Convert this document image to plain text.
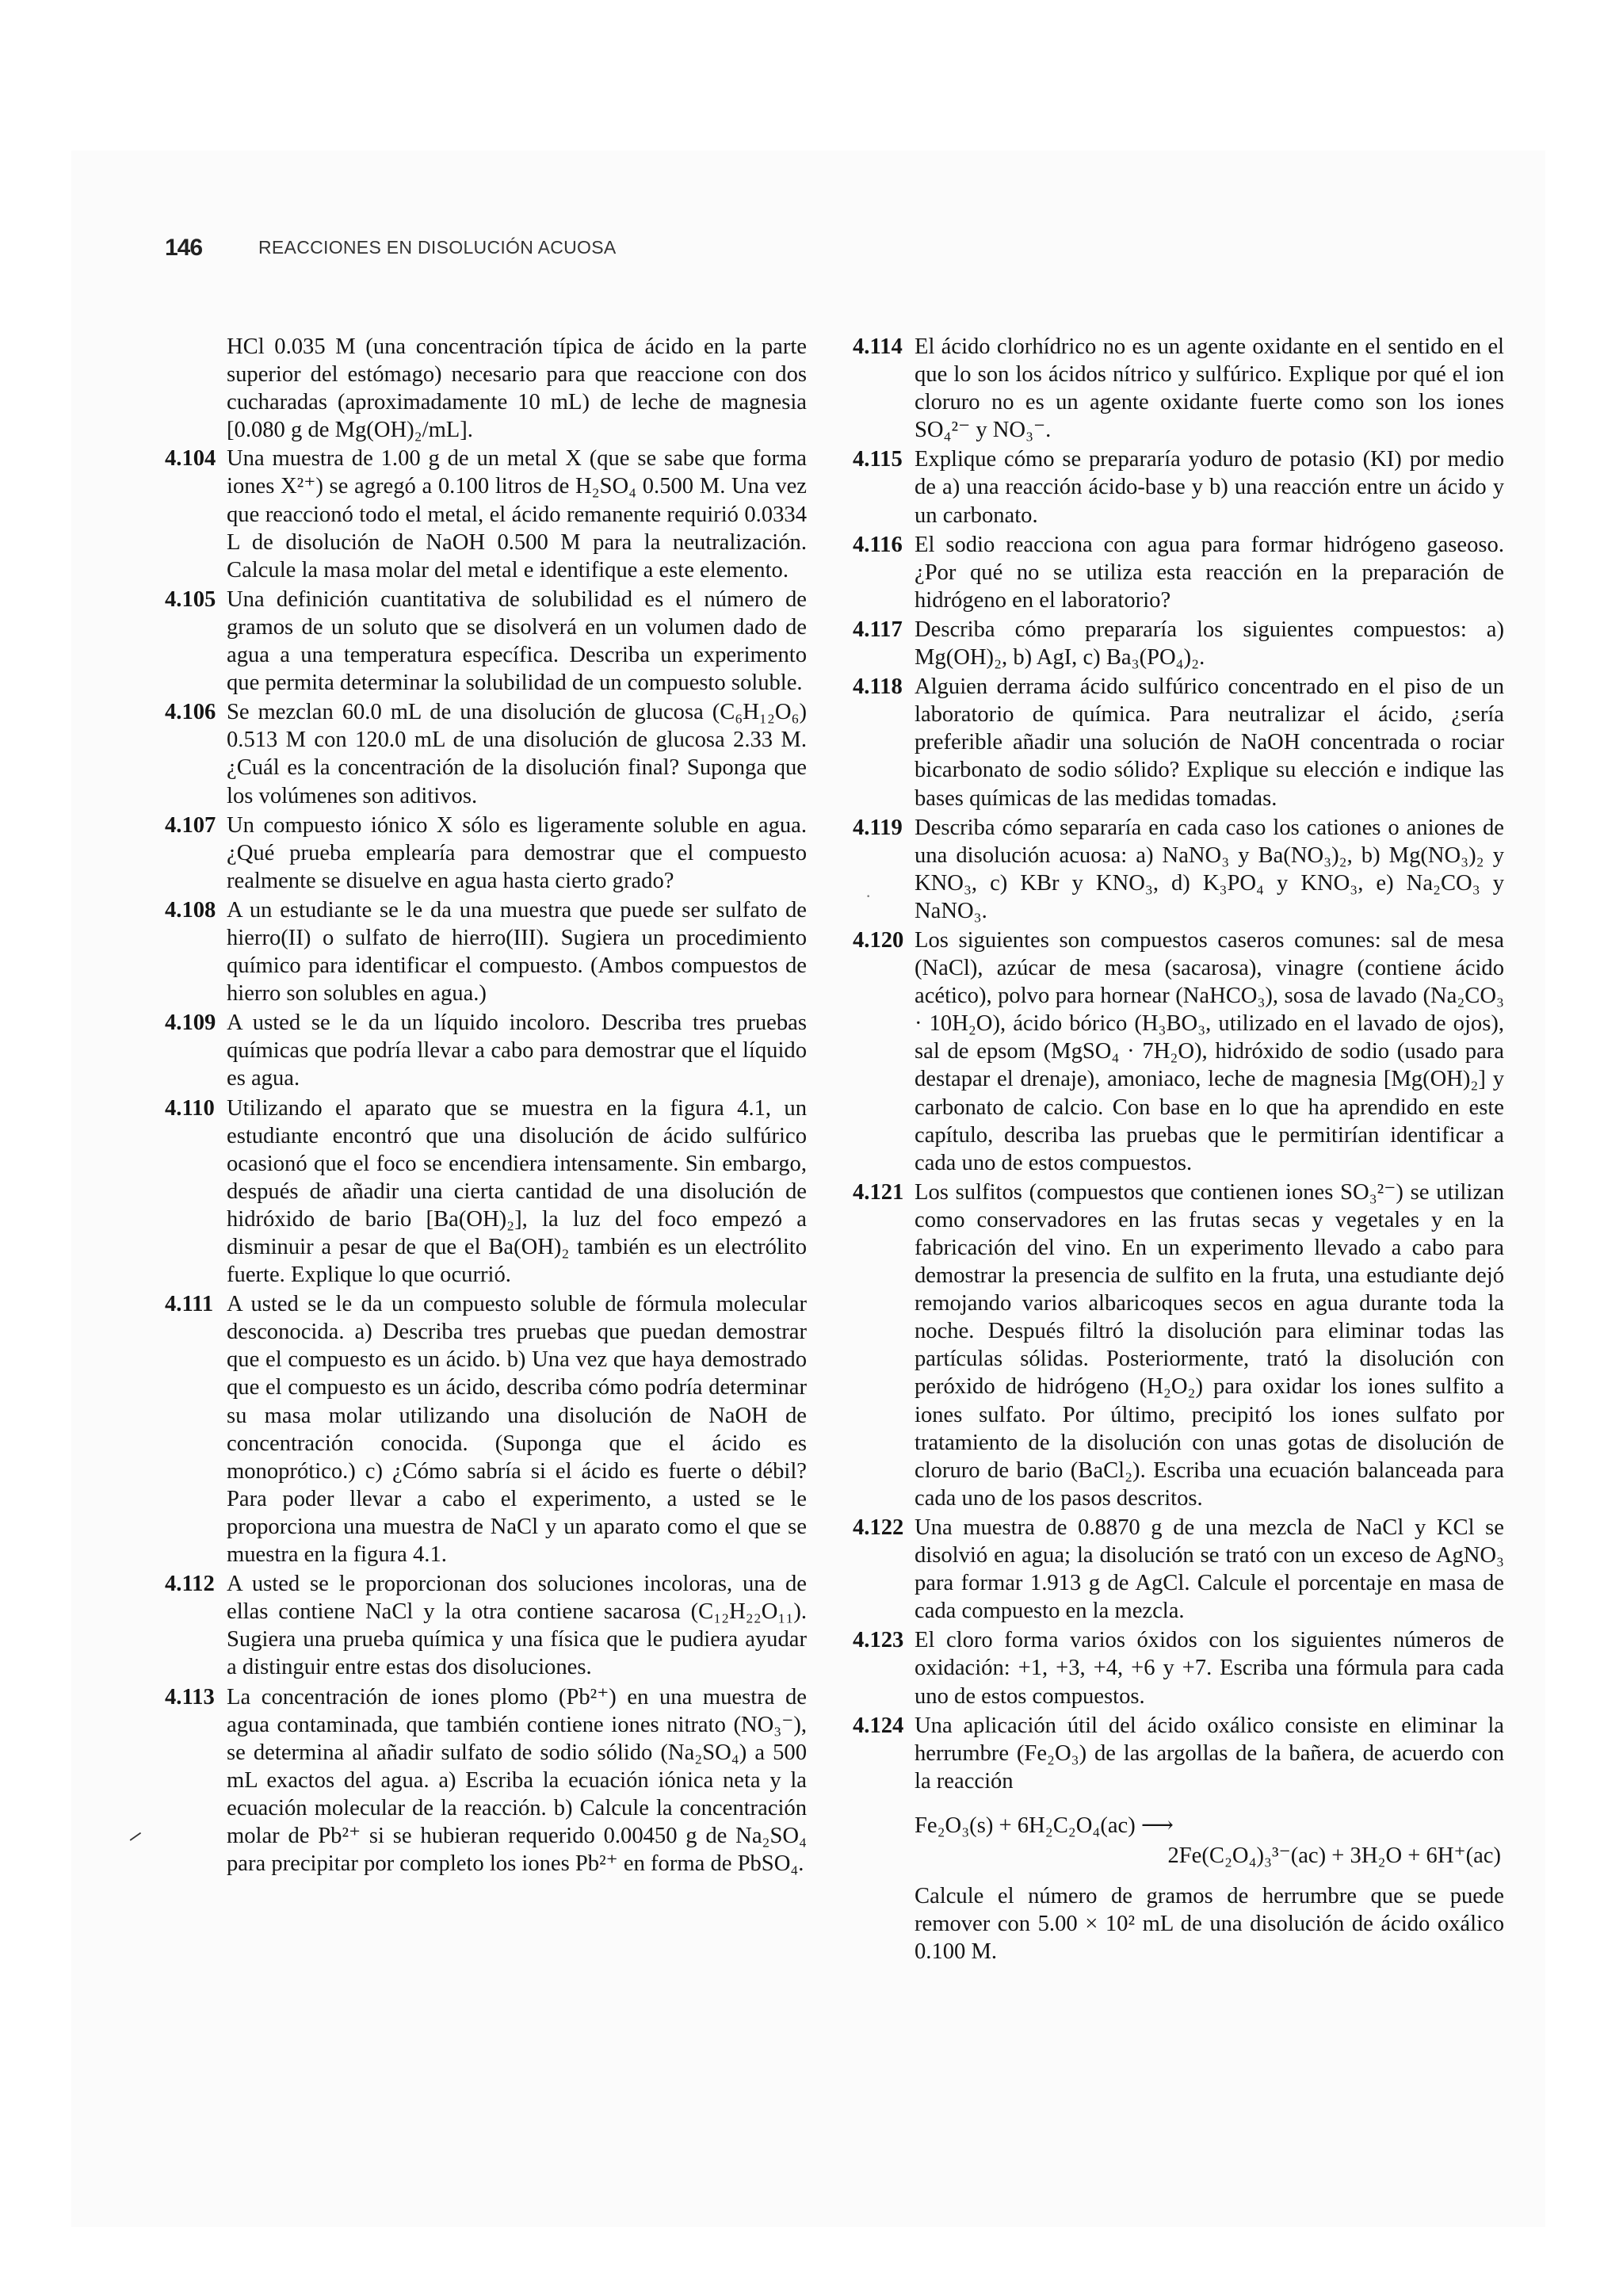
146	REACCIONES EN DISOLUCIÓN ACUOSA
HCl 0.035 M (una concentración típica de ácido en la parte superior del estómago) necesario para que reaccione con dos cucharadas (aproximadamente 10 mL) de leche de magnesia [0.080 g de Mg(OH)₂/mL].
4.104 Una muestra de 1.00 g de un metal X (que se sabe que forma iones X²⁺) se agregó a 0.100 litros de H₂SO₄ 0.500 M. Una vez que reaccionó todo el metal, el ácido remanente requirió 0.0334 L de disolución de NaOH 0.500 M para la neutralización. Calcule la masa molar del metal e identifique a este elemento.
4.105 Una definición cuantitativa de solubilidad es el número de gramos de un soluto que se disolverá en un volumen dado de agua a una temperatura específica. Describa un experimento que permita determinar la solubilidad de un compuesto soluble.
4.106 Se mezclan 60.0 mL de una disolución de glucosa (C₆H₁₂O₆) 0.513 M con 120.0 mL de una disolución de glucosa 2.33 M. ¿Cuál es la concentración de la disolución final? Suponga que los volúmenes son aditivos.
4.107 Un compuesto iónico X sólo es ligeramente soluble en agua. ¿Qué prueba emplearía para demostrar que el compuesto realmente se disuelve en agua hasta cierto grado?
4.108 A un estudiante se le da una muestra que puede ser sulfato de hierro(II) o sulfato de hierro(III). Sugiera un procedimiento químico para identificar el compuesto. (Ambos compuestos de hierro son solubles en agua.)
4.109 A usted se le da un líquido incoloro. Describa tres pruebas químicas que podría llevar a cabo para demostrar que el líquido es agua.
4.110 Utilizando el aparato que se muestra en la figura 4.1, un estudiante encontró que una disolución de ácido sulfúrico ocasionó que el foco se encendiera intensamente. Sin embargo, después de añadir una cierta cantidad de una disolución de hidróxido de bario [Ba(OH)₂], la luz del foco empezó a disminuir a pesar de que el Ba(OH)₂ también es un electrólito fuerte. Explique lo que ocurrió.
4.111 A usted se le da un compuesto soluble de fórmula molecular desconocida. a) Describa tres pruebas que puedan demostrar que el compuesto es un ácido. b) Una vez que haya demostrado que el compuesto es un ácido, describa cómo podría determinar su masa molar utilizando una disolución de NaOH de concentración conocida. (Suponga que el ácido es monoprótico.) c) ¿Cómo sabría si el ácido es fuerte o débil? Para poder llevar a cabo el experimento, a usted se le proporciona una muestra de NaCl y un aparato como el que se muestra en la figura 4.1.
4.112 A usted se le proporcionan dos soluciones incoloras, una de ellas contiene NaCl y la otra contiene sacarosa (C₁₂H₂₂O₁₁). Sugiera una prueba química y una física que le pudiera ayudar a distinguir entre estas dos disoluciones.
4.113 La concentración de iones plomo (Pb²⁺) en una muestra de agua contaminada, que también contiene iones nitrato (NO₃⁻), se determina al añadir sulfato de sodio sólido (Na₂SO₄) a 500 mL exactos del agua. a) Escriba la ecuación iónica neta y la ecuación molecular de la reacción. b) Calcule la concentración molar de Pb²⁺ si se hubieran requerido 0.00450 g de Na₂SO₄ para precipitar por completo los iones Pb²⁺ en forma de PbSO₄.
4.114 El ácido clorhídrico no es un agente oxidante en el sentido en el que lo son los ácidos nítrico y sulfúrico. Explique por qué el ion cloruro no es un agente oxidante fuerte como son los iones SO₄²⁻ y NO₃⁻.
4.115 Explique cómo se prepararía yoduro de potasio (KI) por medio de a) una reacción ácido-base y b) una reacción entre un ácido y un carbonato.
4.116 El sodio reacciona con agua para formar hidrógeno gaseoso. ¿Por qué no se utiliza esta reacción en la preparación de hidrógeno en el laboratorio?
4.117 Describa cómo prepararía los siguientes compuestos: a) Mg(OH)₂, b) AgI, c) Ba₃(PO₄)₂.
4.118 Alguien derrama ácido sulfúrico concentrado en el piso de un laboratorio de química. Para neutralizar el ácido, ¿sería preferible añadir una solución de NaOH concentrada o rociar bicarbonato de sodio sólido? Explique su elección e indique las bases químicas de las medidas tomadas.
4.119 Describa cómo separaría en cada caso los cationes o aniones de una disolución acuosa: a) NaNO₃ y Ba(NO₃)₂, b) Mg(NO₃)₂ y KNO₃, c) KBr y KNO₃, d) K₃PO₄ y KNO₃, e) Na₂CO₃ y NaNO₃.
4.120 Los siguientes son compuestos caseros comunes: sal de mesa (NaCl), azúcar de mesa (sacarosa), vinagre (contiene ácido acético), polvo para hornear (NaHCO₃), sosa de lavado (Na₂CO₃ · 10H₂O), ácido bórico (H₃BO₃, utilizado en el lavado de ojos), sal de epsom (MgSO₄ · 7H₂O), hidróxido de sodio (usado para destapar el drenaje), amoniaco, leche de magnesia [Mg(OH)₂] y carbonato de calcio. Con base en lo que ha aprendido en este capítulo, describa las pruebas que le permitirían identificar a cada uno de estos compuestos.
4.121 Los sulfitos (compuestos que contienen iones SO₃²⁻) se utilizan como conservadores en las frutas secas y vegetales y en la fabricación del vino. En un experimento llevado a cabo para demostrar la presencia de sulfito en la fruta, una estudiante dejó remojando varios albaricoques secos en agua durante toda la noche. Después filtró la disolución para eliminar todas las partículas sólidas. Posteriormente, trató la disolución con peróxido de hidrógeno (H₂O₂) para oxidar los iones sulfito a iones sulfato. Por último, precipitó los iones sulfato por tratamiento de la disolución con unas gotas de disolución de cloruro de bario (BaCl₂). Escriba una ecuación balanceada para cada uno de los pasos descritos.
4.122 Una muestra de 0.8870 g de una mezcla de NaCl y KCl se disolvió en agua; la disolución se trató con un exceso de AgNO₃ para formar 1.913 g de AgCl. Calcule el porcentaje en masa de cada compuesto en la mezcla.
4.123 El cloro forma varios óxidos con los siguientes números de oxidación: +1, +3, +4, +6 y +7. Escriba una fórmula para cada uno de estos compuestos.
4.124 Una aplicación útil del ácido oxálico consiste en eliminar la herrumbre (Fe₂O₃) de las argollas de la bañera, de acuerdo con la reacción
Fe₂O₃(s) + 6H₂C₂O₄(ac) ⟶
2Fe(C₂O₄)₃³⁻(ac) + 3H₂O + 6H⁺(ac)
Calcule el número de gramos de herrumbre que se puede remover con 5.00 × 10² mL de una disolución de ácido oxálico 0.100 M.
⸝
·
